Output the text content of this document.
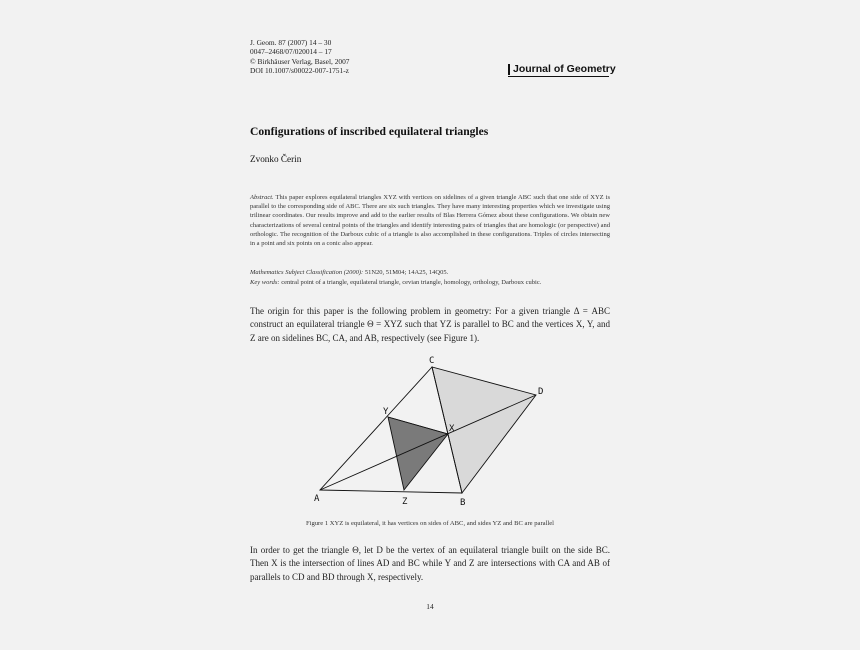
J. Geom. 87 (2007) 14 – 30
0047–2468/07/020014 – 17
© Birkhäuser Verlag, Basel, 2007
DOI 10.1007/s00022-007-1751-z	Journal of Geometry
Configurations of inscribed equilateral triangles
Zvonko Čerin
Abstract. This paper explores equilateral triangles XYZ with vertices on sidelines of a given triangle ABC such that one side of XYZ is parallel to the corresponding side of ABC. There are six such triangles. They have many interesting properties which we investigate using trilinear coordinates. Our results improve and add to the earlier results of Blas Herrera Gómez about these configurations. We obtain new characterizations of several central points of the triangles and identify interesting pairs of triangles that are homologic (or perspective) and orthologic. The recognition of the Darboux cubic of a triangle is also accomplished in these configurations. Triples of circles intersecting in a point and six points on a conic also appear.
Mathematics Subject Classification (2000): 51N20, 51M04; 14A25, 14Q05.
Key words: central point of a triangle, equilateral triangle, cevian triangle, homology, orthology, Darboux cubic.
The origin for this paper is the following problem in geometry: For a given triangle Δ = ABC construct an equilateral triangle Θ = XYZ such that YZ is parallel to BC and the vertices X, Y, and Z are on sidelines BC, CA, and AB, respectively (see Figure 1).
C
D
Y
X
A	Z	B
Figure 1 XYZ is equilateral, it has vertices on sides of ABC, and sides YZ and BC are parallel
In order to get the triangle Θ, let D be the vertex of an equilateral triangle built on the side BC. Then X is the intersection of lines AD and BC while Y and Z are intersections with CA and AB of parallels to CD and BD through X, respectively.
14
